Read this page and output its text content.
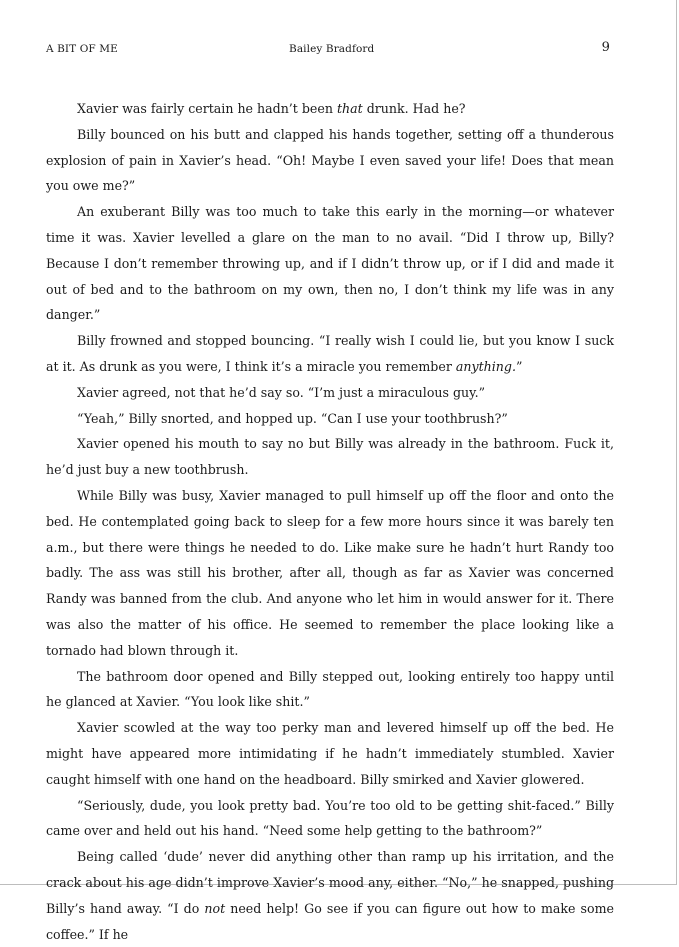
A BIT OF ME	Bailey Bradford	9

Xavier was fairly certain he hadn’t been that drunk. Had he?

Billy bounced on his butt and clapped his hands together, setting off a thunderous explosion of pain in Xavier’s head. “Oh! Maybe I even saved your life! Does that mean you owe me?”

An exuberant Billy was too much to take this early in the morning—or whatever time it was. Xavier levelled a glare on the man to no avail. “Did I throw up, Billy? Because I don’t remember throwing up, and if I didn’t throw up, or if I did and made it out of bed and to the bathroom on my own, then no, I don’t think my life was in any danger.”

Billy frowned and stopped bouncing. “I really wish I could lie, but you know I suck at it. As drunk as you were, I think it’s a miracle you remember anything.”

Xavier agreed, not that he’d say so. “I’m just a miraculous guy.”

“Yeah,” Billy snorted, and hopped up. “Can I use your toothbrush?”

Xavier opened his mouth to say no but Billy was already in the bathroom. Fuck it, he’d just buy a new toothbrush.

While Billy was busy, Xavier managed to pull himself up off the floor and onto the bed. He contemplated going back to sleep for a few more hours since it was barely ten a.m., but there were things he needed to do. Like make sure he hadn’t hurt Randy too badly. The ass was still his brother, after all, though as far as Xavier was concerned Randy was banned from the club. And anyone who let him in would answer for it. There was also the matter of his office. He seemed to remember the place looking like a tornado had blown through it.

The bathroom door opened and Billy stepped out, looking entirely too happy until he glanced at Xavier. “You look like shit.”

Xavier scowled at the way too perky man and levered himself up off the bed. He might have appeared more intimidating if he hadn’t immediately stumbled. Xavier caught himself with one hand on the headboard. Billy smirked and Xavier glowered.

“Seriously, dude, you look pretty bad. You’re too old to be getting shit-faced.” Billy came over and held out his hand. “Need some help getting to the bathroom?”

Being called ‘dude’ never did anything other than ramp up his irritation, and the crack about his age didn’t improve Xavier’s mood any, either. “No,” he snapped, pushing Billy’s hand away. “I do not need help! Go see if you can figure out how to make some coffee.” If he
